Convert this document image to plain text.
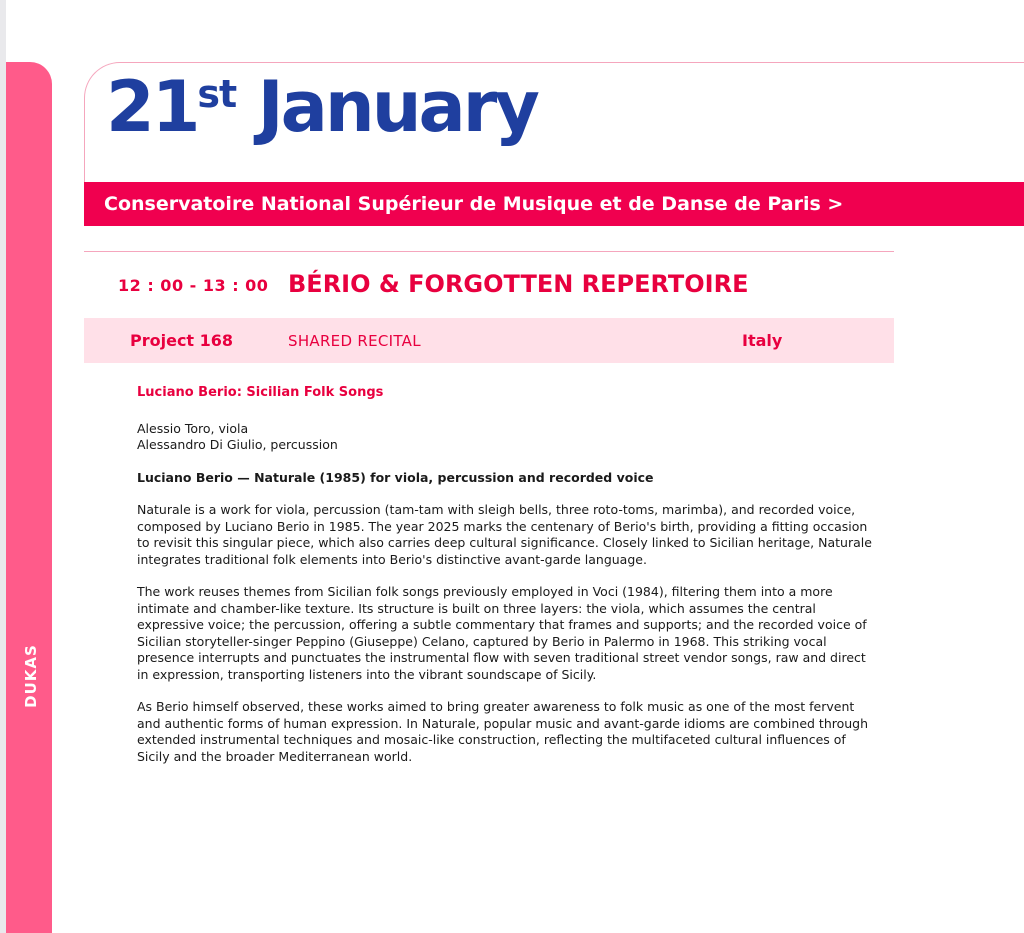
DUKAS
21st January
Conservatoire National Supérieur de Musique et de Danse de Paris >
12 : 00 - 13 : 00 BÉRIO & FORGOTTEN REPERTOIRE
Project 168	SHARED RECITAL	Italy

Luciano Berio: Sicilian Folk Songs

Alessio Toro, viola

Alessandro Di Giulio, percussion

Luciano Berio — Naturale (1985) for viola, percussion and recorded voice

Naturale is a work for viola, percussion (tam-tam with sleigh bells, three roto-toms, marimba), and recorded voice, composed by Luciano Berio in 1985. The year 2025 marks the centenary of Berio's birth, providing a fitting occasion to revisit this singular piece, which also carries deep cultural significance. Closely linked to Sicilian heritage, Naturale integrates traditional folk elements into Berio's distinctive avant-garde language.

The work reuses themes from Sicilian folk songs previously employed in Voci (1984), filtering them into a more intimate and chamber-like texture. Its structure is built on three layers: the viola, which assumes the central expressive voice; the percussion, offering a subtle commentary that frames and supports; and the recorded voice of Sicilian storyteller-singer Peppino (Giuseppe) Celano, captured by Berio in Palermo in 1968. This striking vocal presence interrupts and punctuates the instrumental flow with seven traditional street vendor songs, raw and direct in expression, transporting listeners into the vibrant soundscape of Sicily.

As Berio himself observed, these works aimed to bring greater awareness to folk music as one of the most fervent and authentic forms of human expression. In Naturale, popular music and avant-garde idioms are combined through extended instrumental techniques and mosaic-like construction, reflecting the multifaceted cultural influences of Sicily and the broader Mediterranean world.
